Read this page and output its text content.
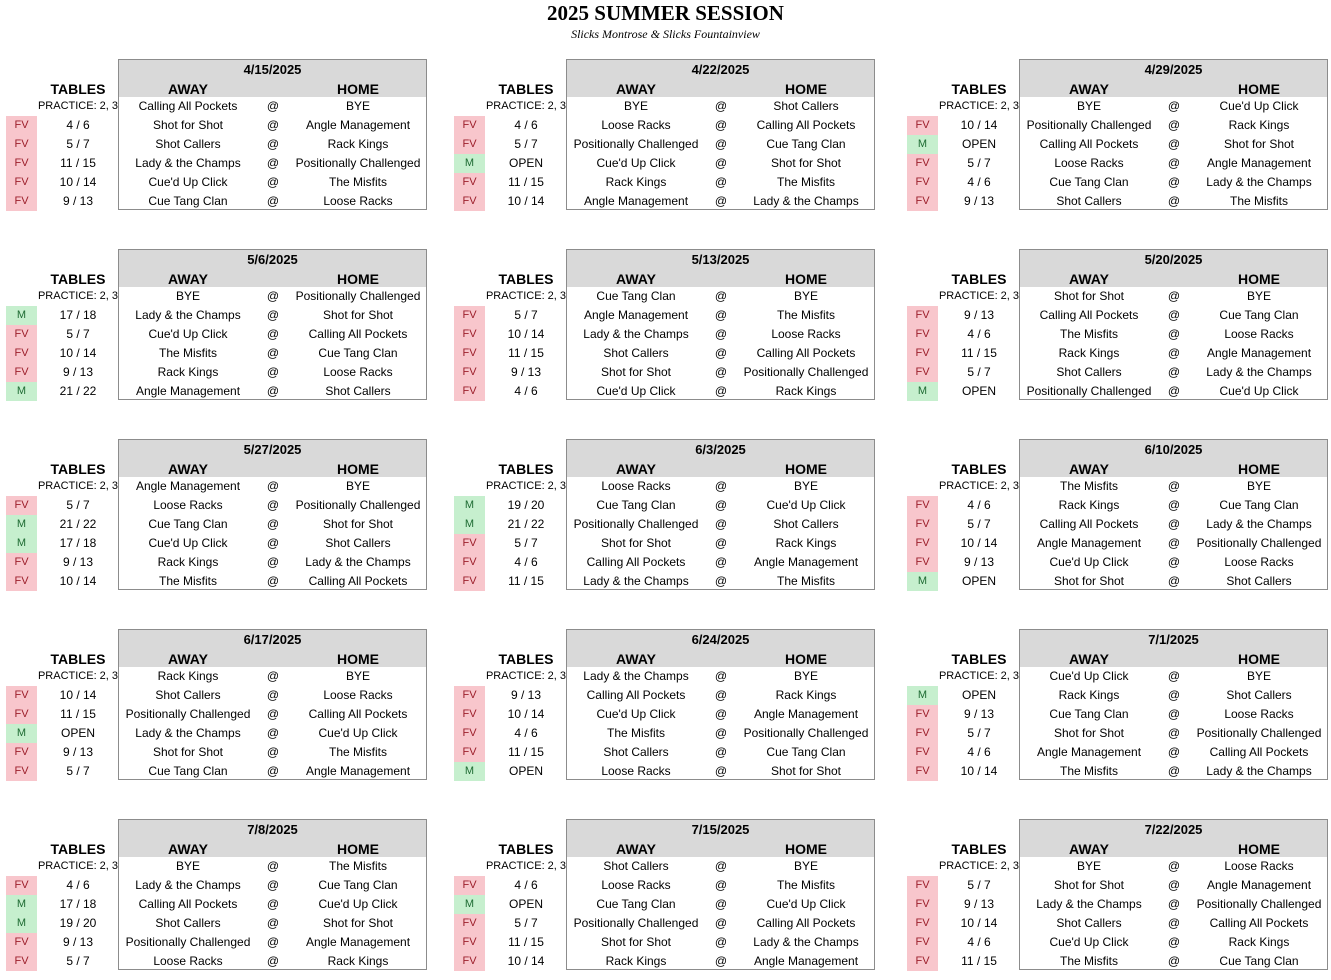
2025 SUMMER SESSION
Slicks Montrose & Slicks Fountainview
4/15/2025
TABLES	AWAY	HOME
PRACTICE: 2, 3	Calling All Pockets	@	BYE
FV	4 / 6	Shot for Shot	@	Angle Management
FV	5 / 7	Shot Callers	@	Rack Kings
FV	11 / 15	Lady & the Champs	@	Positionally Challenged
FV	10 / 14	Cue'd Up Click	@	The Misfits
FV	9 / 13	Cue Tang Clan	@	Loose Racks
4/22/2025
TABLES	AWAY	HOME
PRACTICE: 2, 3	BYE	@	Shot Callers
FV	4 / 6	Loose Racks	@	Calling All Pockets
FV	5 / 7	Positionally Challenged	@	Cue Tang Clan
M	OPEN	Cue'd Up Click	@	Shot for Shot
FV	11 / 15	Rack Kings	@	The Misfits
FV	10 / 14	Angle Management	@	Lady & the Champs
4/29/2025
TABLES	AWAY	HOME
PRACTICE: 2, 3	BYE	@	Cue'd Up Click
FV	10 / 14	Positionally Challenged	@	Rack Kings
M	OPEN	Calling All Pockets	@	Shot for Shot
FV	5 / 7	Loose Racks	@	Angle Management
FV	4 / 6	Cue Tang Clan	@	Lady & the Champs
FV	9 / 13	Shot Callers	@	The Misfits
5/6/2025
TABLES	AWAY	HOME
PRACTICE: 2, 3	BYE	@	Positionally Challenged
M	17 / 18	Lady & the Champs	@	Shot for Shot
FV	5 / 7	Cue'd Up Click	@	Calling All Pockets
FV	10 / 14	The Misfits	@	Cue Tang Clan
FV	9 / 13	Rack Kings	@	Loose Racks
M	21 / 22	Angle Management	@	Shot Callers
5/13/2025
TABLES	AWAY	HOME
PRACTICE: 2, 3	Cue Tang Clan	@	BYE
FV	5 / 7	Angle Management	@	The Misfits
FV	10 / 14	Lady & the Champs	@	Loose Racks
FV	11 / 15	Shot Callers	@	Calling All Pockets
FV	9 / 13	Shot for Shot	@	Positionally Challenged
FV	4 / 6	Cue'd Up Click	@	Rack Kings
5/20/2025
TABLES	AWAY	HOME
PRACTICE: 2, 3	Shot for Shot	@	BYE
FV	9 / 13	Calling All Pockets	@	Cue Tang Clan
FV	4 / 6	The Misfits	@	Loose Racks
FV	11 / 15	Rack Kings	@	Angle Management
FV	5 / 7	Shot Callers	@	Lady & the Champs
M	OPEN	Positionally Challenged	@	Cue'd Up Click
5/27/2025
TABLES	AWAY	HOME
PRACTICE: 2, 3	Angle Management	@	BYE
FV	5 / 7	Loose Racks	@	Positionally Challenged
M	21 / 22	Cue Tang Clan	@	Shot for Shot
M	17 / 18	Cue'd Up Click	@	Shot Callers
FV	9 / 13	Rack Kings	@	Lady & the Champs
FV	10 / 14	The Misfits	@	Calling All Pockets
6/3/2025
TABLES	AWAY	HOME
PRACTICE: 2, 3	Loose Racks	@	BYE
M	19 / 20	Cue Tang Clan	@	Cue'd Up Click
M	21 / 22	Positionally Challenged	@	Shot Callers
FV	5 / 7	Shot for Shot	@	Rack Kings
FV	4 / 6	Calling All Pockets	@	Angle Management
FV	11 / 15	Lady & the Champs	@	The Misfits
6/10/2025
TABLES	AWAY	HOME
PRACTICE: 2, 3	The Misfits	@	BYE
FV	4 / 6	Rack Kings	@	Cue Tang Clan
FV	5 / 7	Calling All Pockets	@	Lady & the Champs
FV	10 / 14	Angle Management	@	Positionally Challenged
FV	9 / 13	Cue'd Up Click	@	Loose Racks
M	OPEN	Shot for Shot	@	Shot Callers
6/17/2025
TABLES	AWAY	HOME
PRACTICE: 2, 3	Rack Kings	@	BYE
FV	10 / 14	Shot Callers	@	Loose Racks
FV	11 / 15	Positionally Challenged	@	Calling All Pockets
M	OPEN	Lady & the Champs	@	Cue'd Up Click
FV	9 / 13	Shot for Shot	@	The Misfits
FV	5 / 7	Cue Tang Clan	@	Angle Management
6/24/2025
TABLES	AWAY	HOME
PRACTICE: 2, 3	Lady & the Champs	@	BYE
FV	9 / 13	Calling All Pockets	@	Rack Kings
FV	10 / 14	Cue'd Up Click	@	Angle Management
FV	4 / 6	The Misfits	@	Positionally Challenged
FV	11 / 15	Shot Callers	@	Cue Tang Clan
M	OPEN	Loose Racks	@	Shot for Shot
7/1/2025
TABLES	AWAY	HOME
PRACTICE: 2, 3	Cue'd Up Click	@	BYE
M	OPEN	Rack Kings	@	Shot Callers
FV	9 / 13	Cue Tang Clan	@	Loose Racks
FV	5 / 7	Shot for Shot	@	Positionally Challenged
FV	4 / 6	Angle Management	@	Calling All Pockets
FV	10 / 14	The Misfits	@	Lady & the Champs
7/8/2025
TABLES	AWAY	HOME
PRACTICE: 2, 3	BYE	@	The Misfits
FV	4 / 6	Lady & the Champs	@	Cue Tang Clan
M	17 / 18	Calling All Pockets	@	Cue'd Up Click
M	19 / 20	Shot Callers	@	Shot for Shot
FV	9 / 13	Positionally Challenged	@	Angle Management
FV	5 / 7	Loose Racks	@	Rack Kings
7/15/2025
TABLES	AWAY	HOME
PRACTICE: 2, 3	Shot Callers	@	BYE
FV	4 / 6	Loose Racks	@	The Misfits
M	OPEN	Cue Tang Clan	@	Cue'd Up Click
FV	5 / 7	Positionally Challenged	@	Calling All Pockets
FV	11 / 15	Shot for Shot	@	Lady & the Champs
FV	10 / 14	Rack Kings	@	Angle Management
7/22/2025
TABLES	AWAY	HOME
PRACTICE: 2, 3	BYE	@	Loose Racks
FV	5 / 7	Shot for Shot	@	Angle Management
FV	9 / 13	Lady & the Champs	@	Positionally Challenged
FV	10 / 14	Shot Callers	@	Calling All Pockets
FV	4 / 6	Cue'd Up Click	@	Rack Kings
FV	11 / 15	The Misfits	@	Cue Tang Clan
